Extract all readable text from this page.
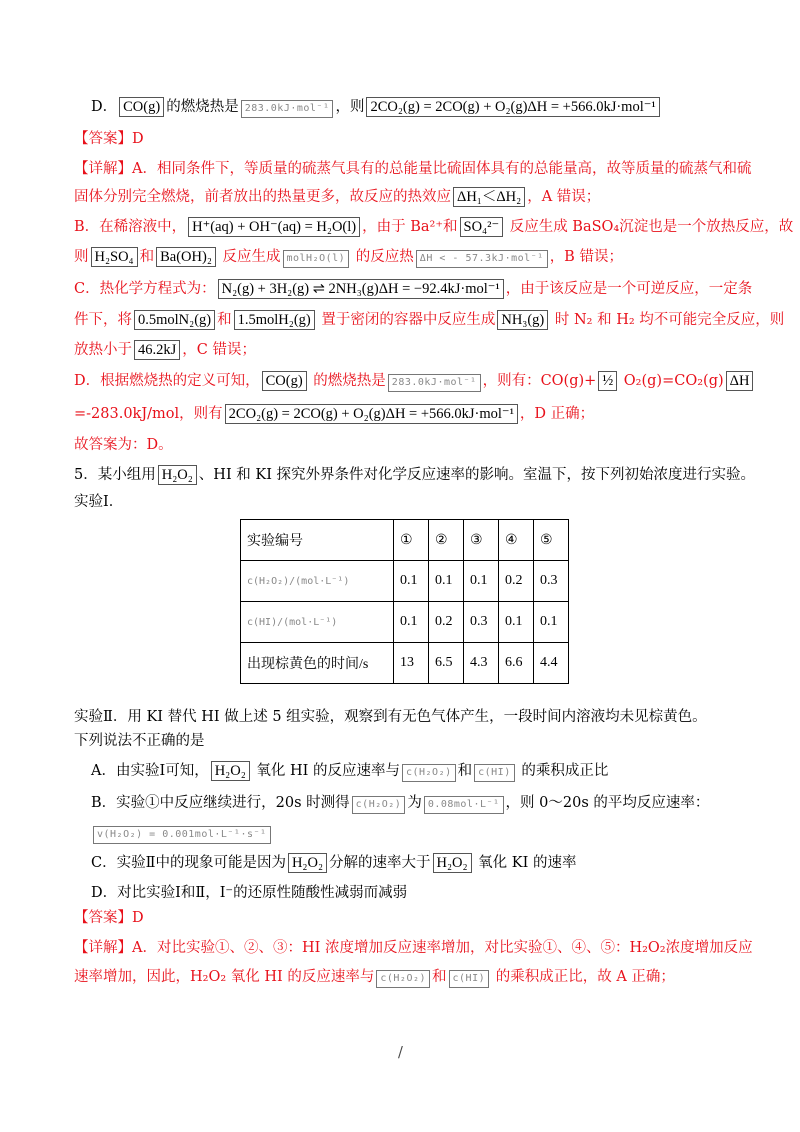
D． CO(g) 的燃烧热是 283.0kJ·mol⁻¹ ，则 2CO₂(g) = 2CO(g) + O₂(g)ΔH = +566.0kJ·mol⁻¹
【答案】D
【详解】A．相同条件下，等质量的硫蒸气具有的总能量比硫固体具有的总能量高，故等质量的硫蒸气和硫
固体分别完全燃烧，前者放出的热量更多，故反应的热效应 ΔH₁＜ΔH₂ ，A 错误；
B．在稀溶液中， H⁺(aq) + OH⁻(aq) = H₂O(l) ，由于 Ba²⁺和 SO₄²⁻ 反应生成 BaSO₄沉淀也是一个放热反应，故
则 H₂SO₄ 和 Ba(OH)₂ 反应生成 molH₂O(l) 的反应热 ΔH < - 57.3kJ·mol⁻¹ ，B 错误；
C．热化学方程式为： N₂(g) + 3H₂(g) ⇌ 2NH₃(g)ΔH = −92.4kJ·mol⁻¹ ，由于该反应是一个可逆反应，一定条
件下，将 0.5molN₂(g) 和 1.5molH₂(g) 置于密闭的容器中反应生成 NH₃(g) 时 N₂ 和 H₂ 均不可能完全反应，则
放热小于 46.2kJ ，C 错误；
D．根据燃烧热的定义可知， CO(g) 的燃烧热是 283.0kJ·mol⁻¹ ，则有：CO(g)+ ½ O₂(g)=CO₂(g) ΔH
=-283.0kJ/mol，则有 2CO₂(g) = 2CO(g) + O₂(g)ΔH = +566.0kJ·mol⁻¹ ，D 正确；
故答案为：D。
5．某小组用 H₂O₂ 、HI 和 KI 探究外界条件对化学反应速率的影响。室温下，按下列初始浓度进行实验。
实验Ⅰ．
实验编号	①	②	③	④	⑤
c(H₂O₂)/(mol·L⁻¹)	0.1	0.1	0.1	0.2	0.3
c(HI)/(mol·L⁻¹)	0.1	0.2	0.3	0.1	0.1
出现棕黄色的时间/s	13	6.5	4.3	6.6	4.4
实验Ⅱ．用 KI 替代 HI 做上述 5 组实验，观察到有无色气体产生，一段时间内溶液均未见棕黄色。
下列说法不正确的是
A．由实验Ⅰ可知， H₂O₂ 氧化 HI 的反应速率与 c(H₂O₂) 和 c(HI) 的乘积成正比
B．实验①中反应继续进行，20s 时测得 c(H₂O₂) 为 0.08mol·L⁻¹ ，则 0～20s 的平均反应速率：
v(H₂O₂) = 0.001mol·L⁻¹·s⁻¹
C．实验Ⅱ中的现象可能是因为 H₂O₂ 分解的速率大于 H₂O₂ 氧化 KI 的速率
D．对比实验Ⅰ和Ⅱ，I⁻的还原性随酸性减弱而减弱
【答案】D
【详解】A．对比实验①、②、③：HI 浓度增加反应速率增加，对比实验①、④、⑤：H₂O₂浓度增加反应
速率增加，因此，H₂O₂ 氧化 HI 的反应速率与 c(H₂O₂) 和 c(HI) 的乘积成正比，故 A 正确；
/
